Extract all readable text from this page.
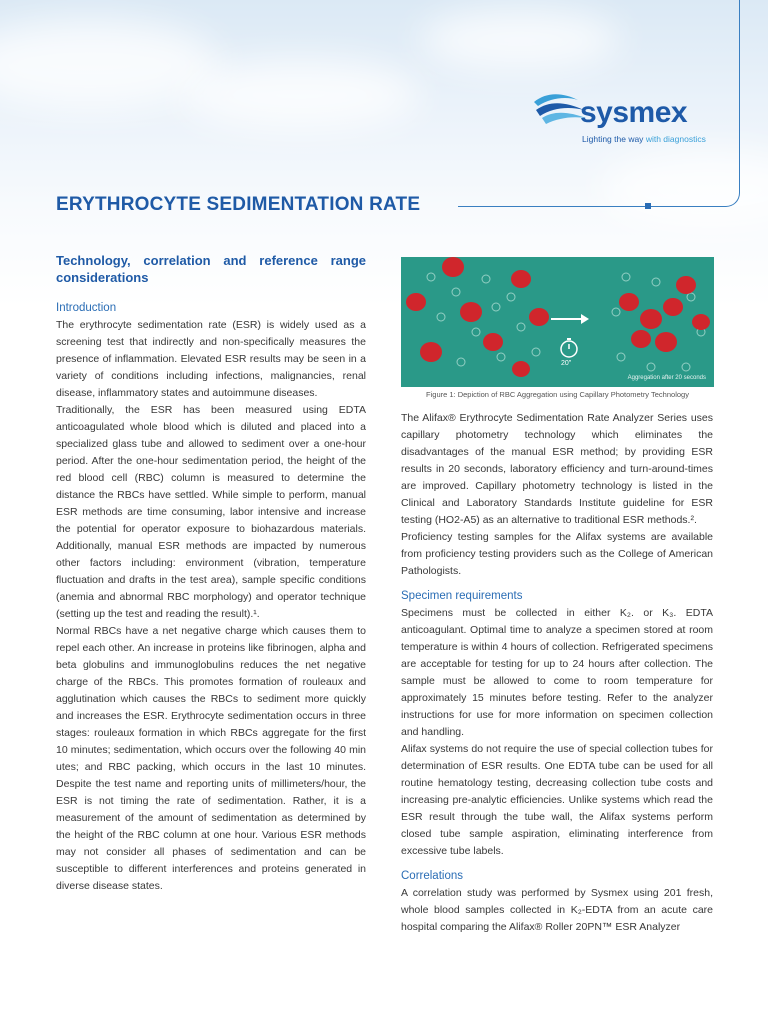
sysmex
Lighting the way with diagnostics
ERYTHROCYTE SEDIMENTATION RATE
Technology, correlation and reference range considerations
Introduction

The erythrocyte sedimentation rate (ESR) is widely used as a screening test that indirectly and non-specifically measures the presence of inflammation. Elevated ESR results may be seen in a variety of conditions including infections, malignancies, renal disease, inflammatory states and autoimmune diseases.

Traditionally, the ESR has been measured using EDTA anticoagulated whole blood which is diluted and placed into a specialized glass tube and allowed to sediment over a one-hour period. After the one-hour sedimentation period, the height of the red blood cell (RBC) column is measured to determine the distance the RBCs have settled. While simple to perform, manual ESR methods are time consuming, labor intensive and increase the potential for operator exposure to biohazardous materials. Additionally, manual ESR methods are impacted by numerous other factors including: environment (vibration, temperature fluctuation and drafts in the test area), sample specific conditions (anemia and abnormal RBC morphology) and operator technique (setting up the test and reading the result).¹.

Normal RBCs have a net negative charge which causes them to repel each other. An increase in proteins like fibrinogen, alpha and beta globulins and immunoglobulins reduces the net negative charge of the RBCs. This promotes formation of rouleaux and agglutination which causes the RBCs to sediment more quickly and increases the ESR. Erythrocyte sedimentation occurs in three stages: rouleaux formation in which RBCs aggregate for the first 10 minutes; sedimentation, which occurs over the following 40 min utes; and RBC packing, which occurs in the last 10 minutes. Despite the test name and reporting units of millimeters/hour, the ESR is not timing the rate of sedimentation. Rather, it is a measurement of the amount of sedimentation as determined by the height of the RBC column at one hour. Various ESR methods may not consider all phases of sedimentation and can be susceptible to different interferences and proteins generated in diverse disease states.

20"
Aggregation after 20 seconds
Figure 1: Depiction of RBC Aggregation using Capillary Photometry Technology

The Alifax® Erythrocyte Sedimentation Rate Analyzer Series uses capillary photometry technology which eliminates the disadvantages of the manual ESR method; by providing ESR results in 20 seconds, laboratory efficiency and turn-around-times are improved. Capillary photometry technology is listed in the Clinical and Laboratory Standards Institute guideline for ESR testing (HO2-A5) as an alternative to traditional ESR methods.².

Proficiency testing samples for the Alifax systems are available from proficiency testing providers such as the College of American Pathologists.

Specimen requirements

Specimens must be collected in either K₂. or K₃. EDTA anticoagulant. Optimal time to analyze a specimen stored at room temperature is within 4 hours of collection. Refrigerated specimens are acceptable for testing for up to 24 hours after collection. The sample must be allowed to come to room temperature for approximately 15 minutes before testing. Refer to the analyzer instructions for use for more information on specimen collection and handling.

Alifax systems do not require the use of special collection tubes for determination of ESR results. One EDTA tube can be used for all routine hematology testing, decreasing collection tube costs and increasing pre-analytic efficiencies. Unlike systems which read the ESR result through the tube wall, the Alifax systems perform closed tube sample aspiration, eliminating interference from excessive tube labels.

Correlations

A correlation study was performed by Sysmex using 201 fresh, whole blood samples collected in K₂-EDTA from an acute care hospital comparing the Alifax® Roller 20PN™ ESR Analyzer
